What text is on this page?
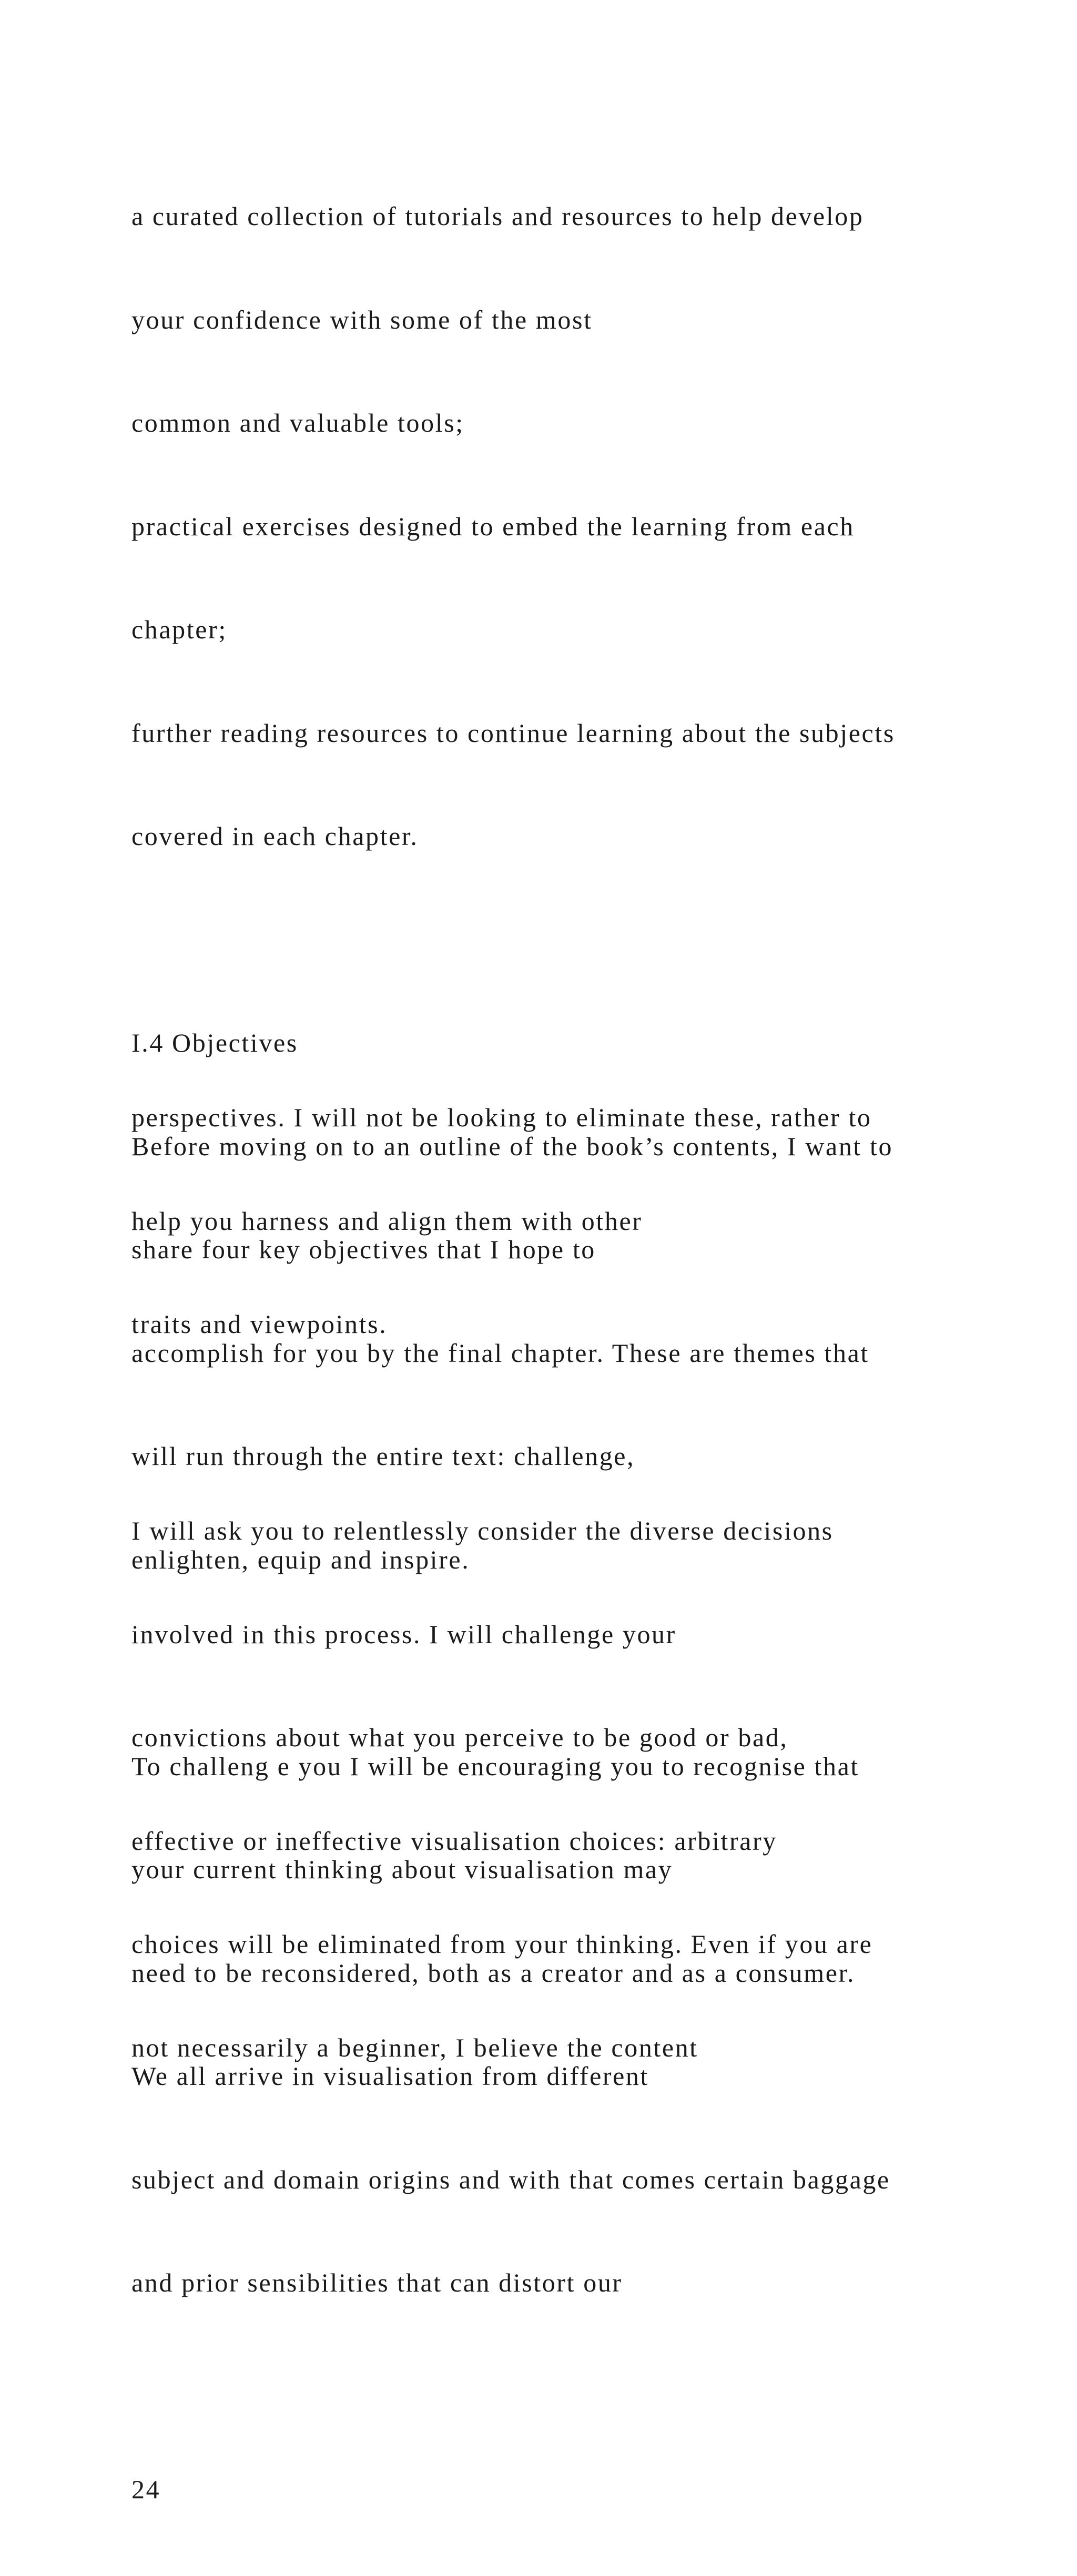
a curated collection of tutorials and resources to help develop

your confidence with some of the most

common and valuable tools;

practical exercises designed to embed the learning from each

chapter;

further reading resources to continue learning about the subjects

covered in each chapter.

I.4 Objectives

Before moving on to an outline of the book’s contents, I want to

share four key objectives that I hope to

accomplish for you by the final chapter. These are themes that

will run through the entire text: challenge,

enlighten, equip and inspire.

To challeng e you I will be encouraging you to recognise that

your current thinking about visualisation may

need to be reconsidered, both as a creator and as a consumer.

We all arrive in visualisation from different

subject and domain origins and with that comes certain baggage

and prior sensibilities that can distort our

24

perspectives. I will not be looking to eliminate these, rather to

help you harness and align them with other

traits and viewpoints.

I will ask you to relentlessly consider the diverse decisions

involved in this process. I will challenge your

convictions about what you perceive to be good or bad,

effective or ineffective visualisation choices: arbitrary

choices will be eliminated from your thinking. Even if you are

not necessarily a beginner, I believe the content
